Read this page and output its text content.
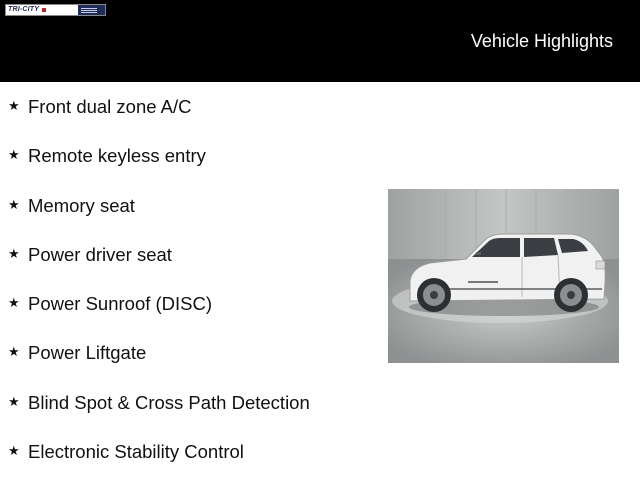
TRI-CITY
Vehicle Highlights
★ Front dual zone A/C
★ Remote keyless entry
★ Memory seat
★ Power driver seat
★ Power Sunroof (DISC)
★ Power Liftgate
★ Blind Spot & Cross Path Detection
★ Electronic Stability Control
